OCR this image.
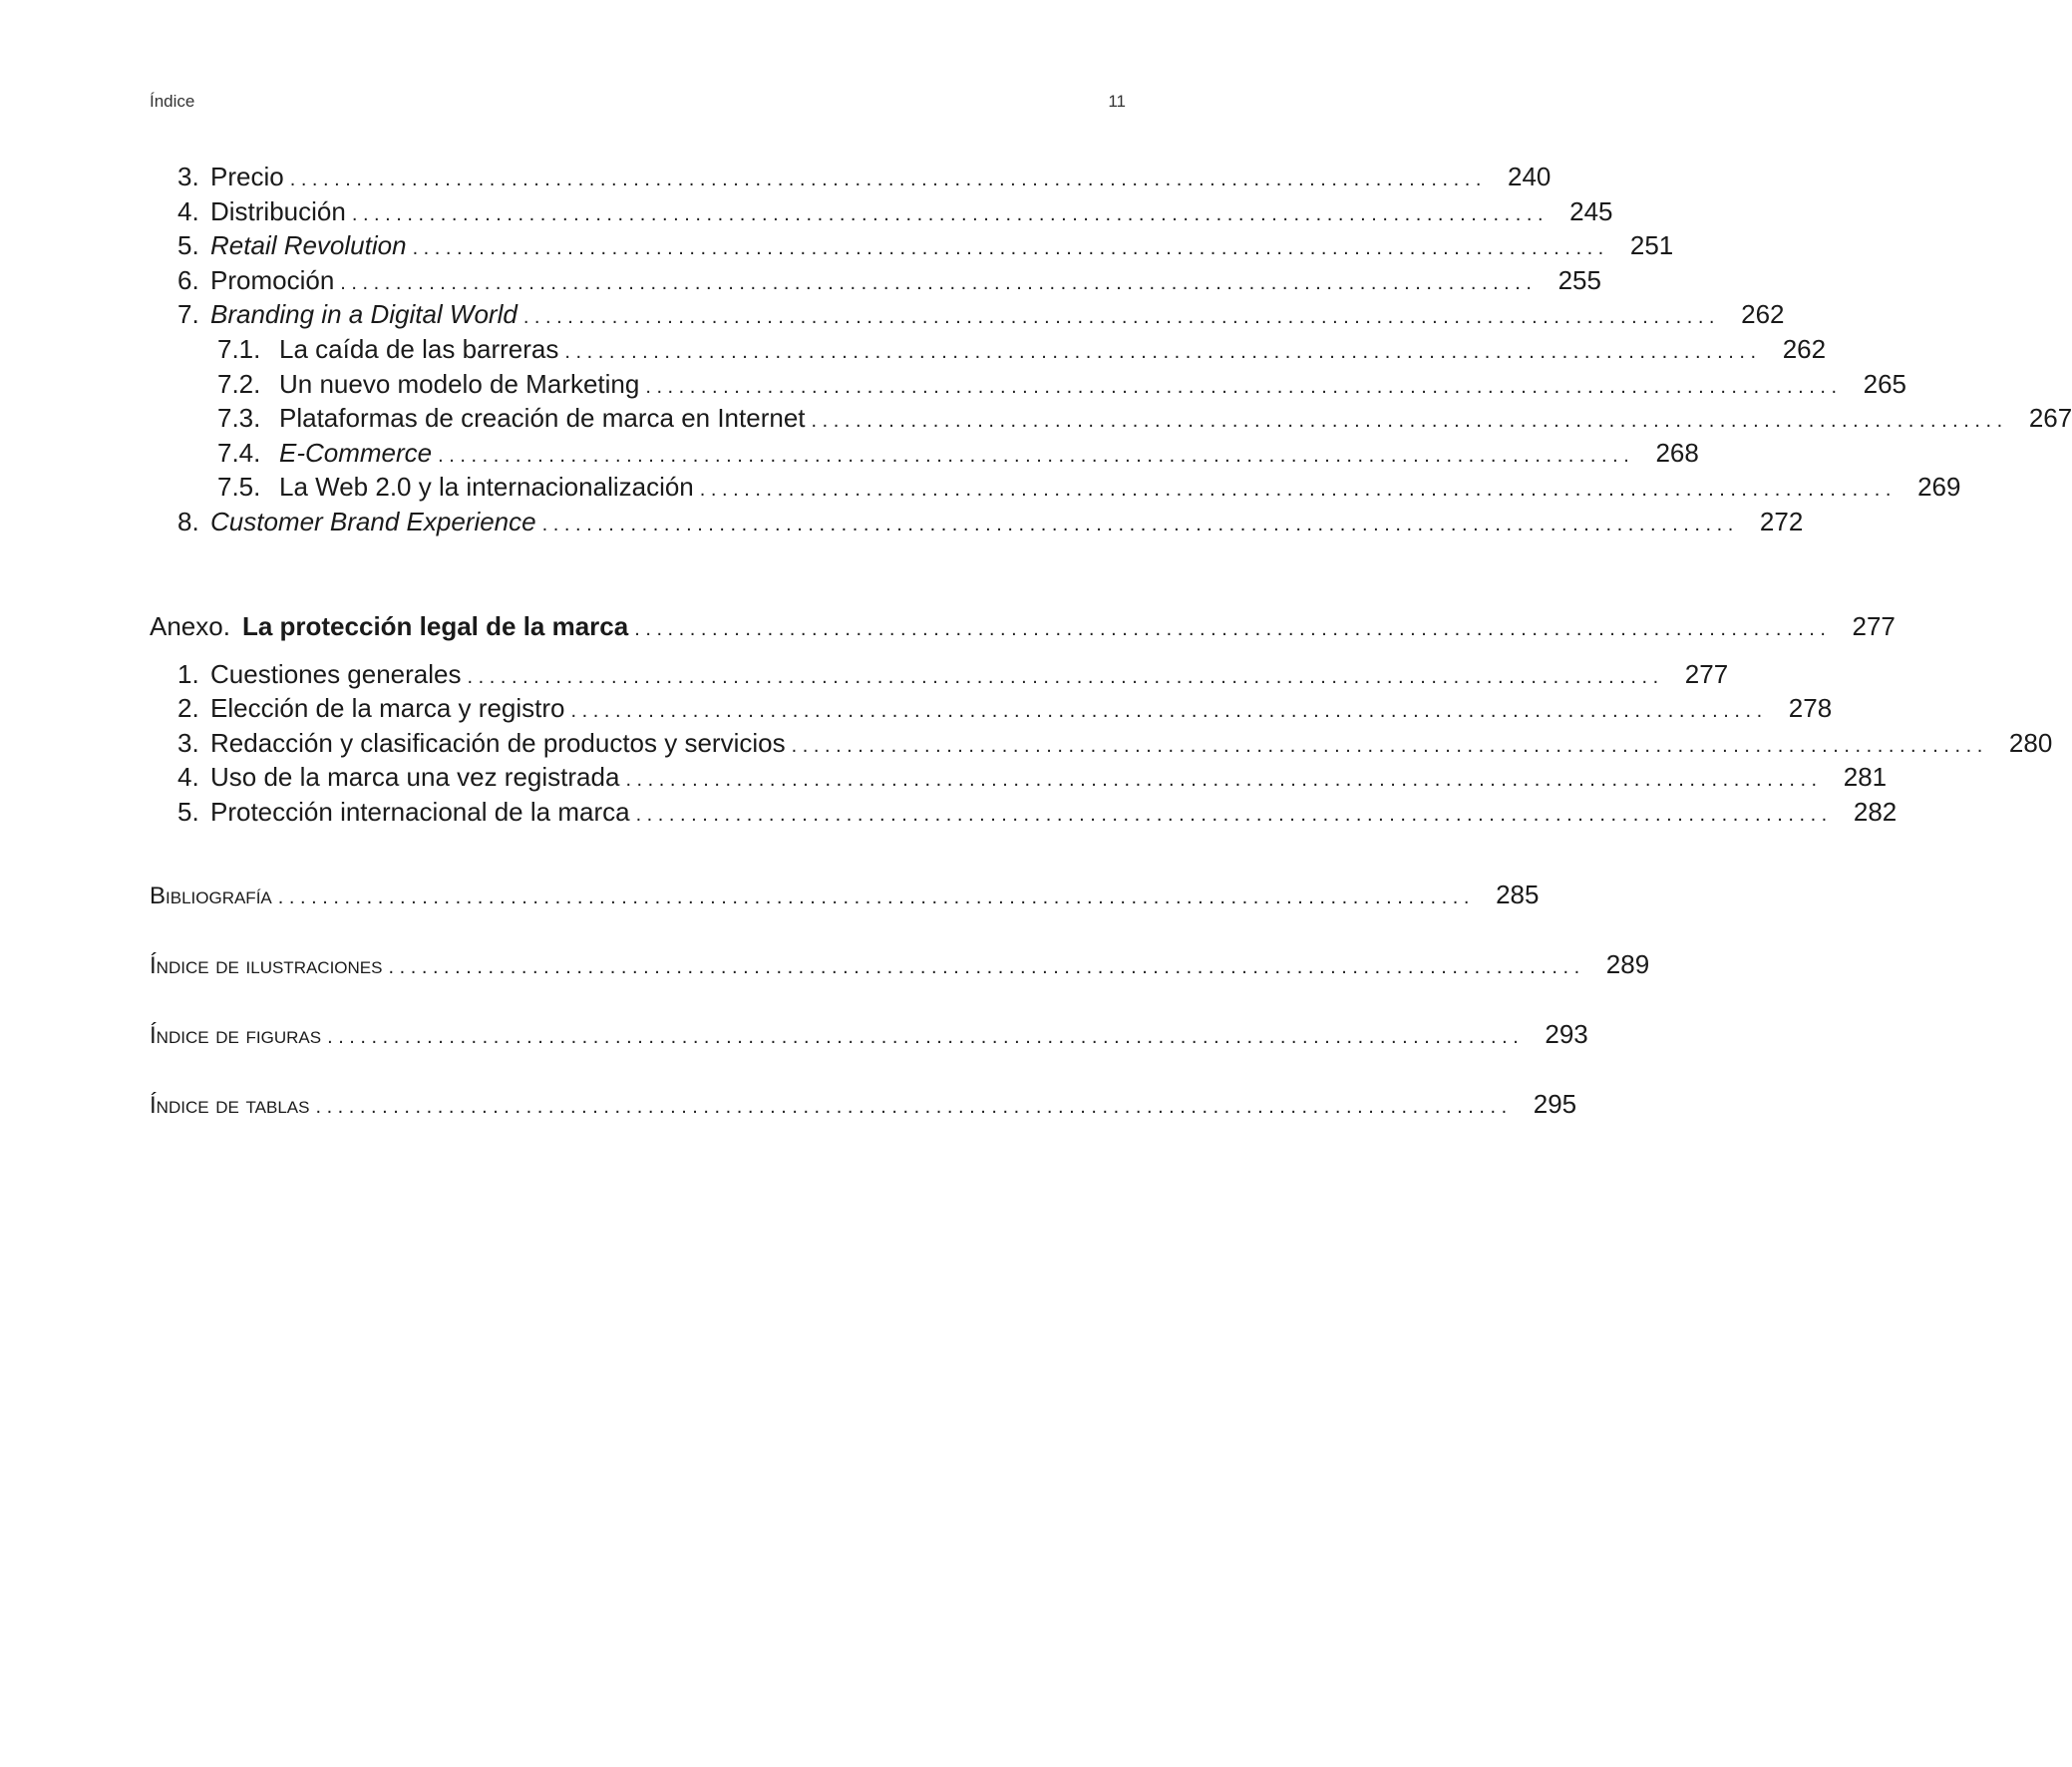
Índice	11
3. Precio . . .	240
4. Distribución . . .	245
5. Retail Revolution . . .	251
6. Promoción . . .	255
7. Branding in a Digital World . . .	262
7.1. La caída de las barreras . . .	262
7.2. Un nuevo modelo de Marketing . . .	265
7.3. Plataformas de creación de marca en Internet . . .	267
7.4. E-Commerce . . .	268
7.5. La Web 2.0 y la internacionalización . . .	269
8. Customer Brand Experience . . .	272
Anexo. La protección legal de la marca . . .	277
1. Cuestiones generales . . .	277
2. Elección de la marca y registro . . .	278
3. Redacción y clasificación de productos y servicios . . .	280
4. Uso de la marca una vez registrada . . .	281
5. Protección internacional de la marca . . .	282
Bibliografía . . .	285
Índice de ilustraciones . . .	289
Índice de figuras . . .	293
Índice de tablas . . .	295
